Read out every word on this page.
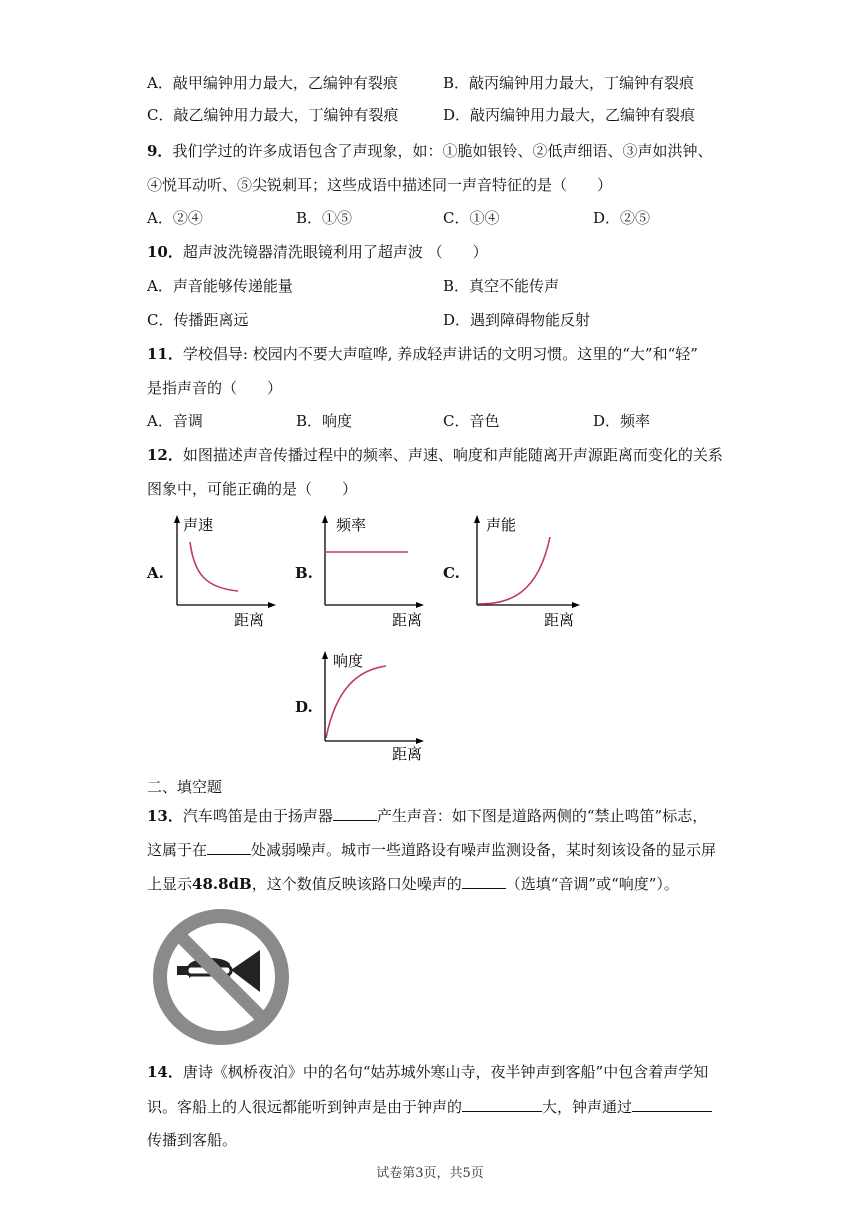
A．敲甲编钟用力最大，乙编钟有裂痕	B．敲丙编钟用力最大，丁编钟有裂痕
C．敲乙编钟用力最大，丁编钟有裂痕	D．敲丙编钟用力最大，乙编钟有裂痕
9．我们学过的许多成语包含了声现象，如：①脆如银铃、②低声细语、③声如洪钟、
④悦耳动听、⑤尖锐刺耳；这些成语中描述同一声音特征的是（　　）
A．②④	B．①⑤	C．①④	D．②⑤
10．超声波洗镜器清洗眼镜利用了超声波 （　　）
A．声音能够传递能量	B．真空不能传声
C．传播距离远	D．遇到障碍物能反射
11．学校倡导: 校园内不要大声喧哗, 养成轻声讲话的文明习惯。这里的“大”和“轻”
是指声音的（　　）
A．音调	B．响度	C．音色	D．频率
12．如图描述声音传播过程中的频率、声速、响度和声能随离开声源距离而变化的关系
图象中，可能正确的是（　　）
A.
声速
距离
B.
频率
距离
C.
声能
距离
D.
响度
距离
二、填空题
13．汽车鸣笛是由于扬声器	产生声音：如下图是道路两侧的“禁止鸣笛”标志，
这属于在	处减弱噪声。城市一些道路设有噪声监测设备，某时刻该设备的显示屏
上显示48.8dB，这个数值反映该路口处噪声的	（选填“音调”或“响度”）。
14．唐诗《枫桥夜泊》中的名句“姑苏城外寒山寺，夜半钟声到客船”中包含着声学知
识。客船上的人很远都能听到钟声是由于钟声的	大，钟声通过
传播到客船。
试卷第3页，共5页
